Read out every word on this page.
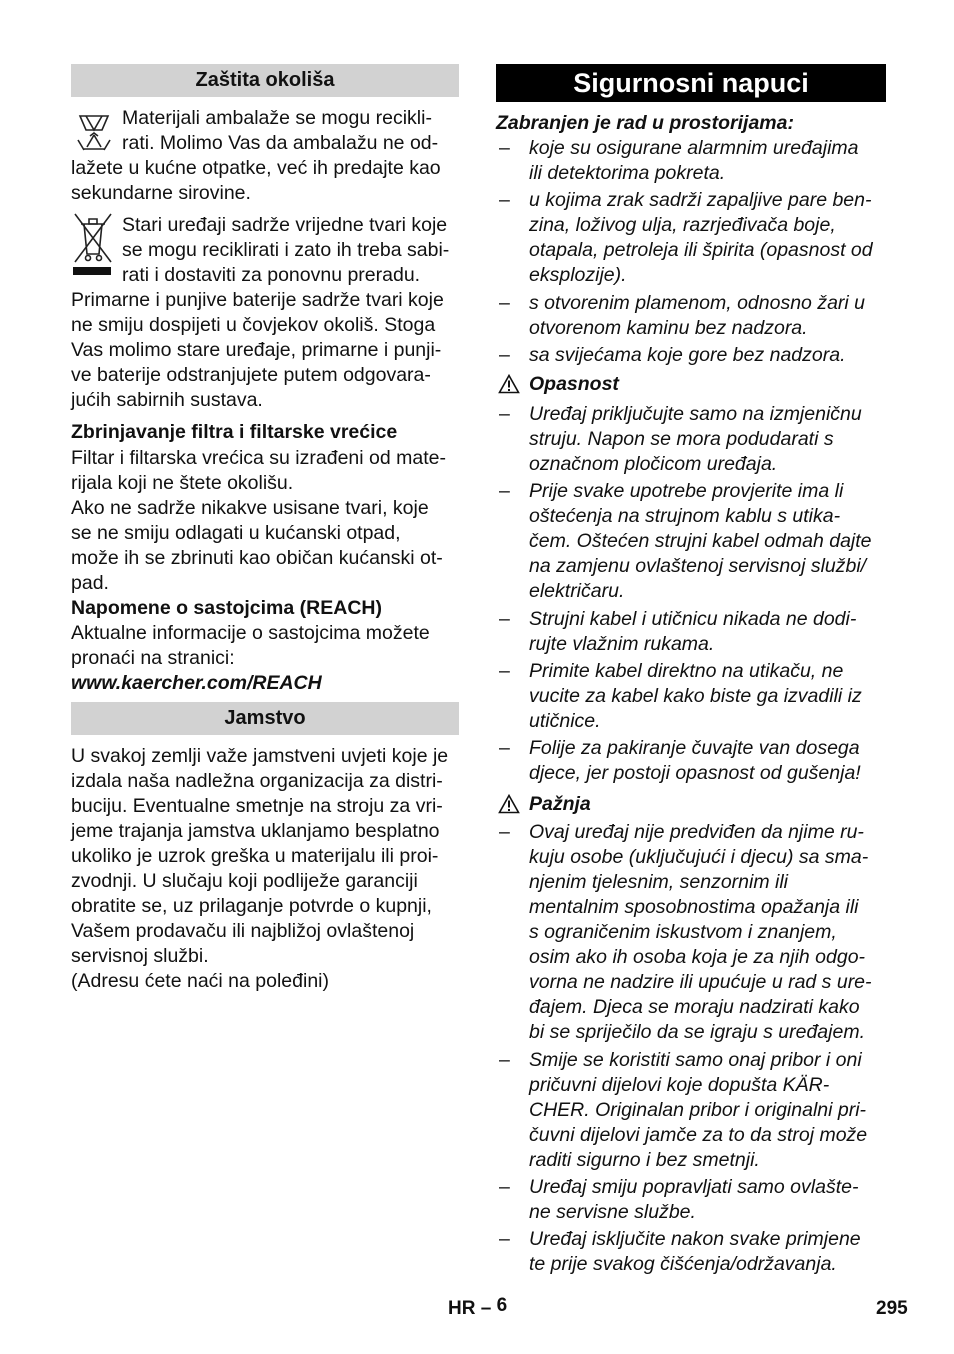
Zaštita okoliša
Materijali ambalaže se mogu recikli-
rati. Molimo Vas da ambalažu ne od-
lažete u kućne otpatke, već ih predajte kao
sekundarne sirovine.
Stari uređaji sadrže vrijedne tvari koje
se mogu reciklirati i zato ih treba sabi-
rati i dostaviti za ponovnu preradu.
Primarne i punjive baterije sadrže tvari koje
ne smiju dospijeti u čovjekov okoliš. Stoga
Vas molimo stare uređaje, primarne i punji-
ve baterije odstranjujete putem odgovara-
jućih sabirnih sustava.
Zbrinjavanje filtra i filtarske vrećice
Filtar i filtarska vrećica su izrađeni od mate-
rijala koji ne štete okolišu.
Ako ne sadrže nikakve usisane tvari, koje
se ne smiju odlagati u kućanski otpad,
može ih se zbrinuti kao običan kućanski ot-
pad.
Napomene o sastojcima (REACH)
Aktualne informacije o sastojcima možete
pronaći na stranici:
www.kaercher.com/REACH
Jamstvo
U svakoj zemlji važe jamstveni uvjeti koje je
izdala naša nadležna organizacija za distri-
buciju. Eventualne smetnje na stroju za vri-
jeme trajanja jamstva uklanjamo besplatno
ukoliko je uzrok greška u materijalu ili proi-
zvodnji. U slučaju koji podliježe garanciji
obratite se, uz prilaganje potvrde o kupnji,
Vašem prodavaču ili najbližoj ovlaštenoj
servisnoj službi.
(Adresu ćete naći na poleđini)
Sigurnosni napuci
Zabranjen je rad u prostorijama:
– koje su osigurane alarmnim uređajima
ili detektorima pokreta.
– u kojima zrak sadrži zapaljive pare ben-
zina, loživog ulja, razrjeđivača boje,
otapala, petroleja ili špirita (opasnost od
eksplozije).
– s otvorenim plamenom, odnosno žari u
otvorenom kaminu bez nadzora.
– sa svijećama koje gore bez nadzora.
Opasnost
– Uređaj priključujte samo na izmjeničnu
struju. Napon se mora podudarati s
označnom pločicom uređaja.
– Prije svake upotrebe provjerite ima li
oštećenja na strujnom kablu s utika-
čem. Oštećen strujni kabel odmah dajte
na zamjenu ovlaštenoj servisnoj službi/
električaru.
– Strujni kabel i utičnicu nikada ne dodi-
rujte vlažnim rukama.
– Primite kabel direktno na utikaču, ne
vucite za kabel kako biste ga izvadili iz
utičnice.
– Folije za pakiranje čuvajte van dosega
djece, jer postoji opasnost od gušenja!
Pažnja
– Ovaj uređaj nije predviđen da njime ru-
kuju osobe (uključujući i djecu) sa sma-
njenim tjelesnim, senzornim ili
mentalnim sposobnostima opažanja ili
s ograničenim iskustvom i znanjem,
osim ako ih osoba koja je za njih odgo-
vorna ne nadzire ili upućuje u rad s ure-
đajem. Djeca se moraju nadzirati kako
bi se spriječilo da se igraju s uređajem.
– Smije se koristiti samo onaj pribor i oni
pričuvni dijelovi koje dopušta KÄR-
CHER. Originalan pribor i originalni pri-
čuvni dijelovi jamče za to da stroj može
raditi sigurno i bez smetnji.
– Uređaj smiju popravljati samo ovlašte-
ne servisne službe.
– Uređaj isključite nakon svake primjene
te prije svakog čišćenja/održavanja.
HR – 6	295
